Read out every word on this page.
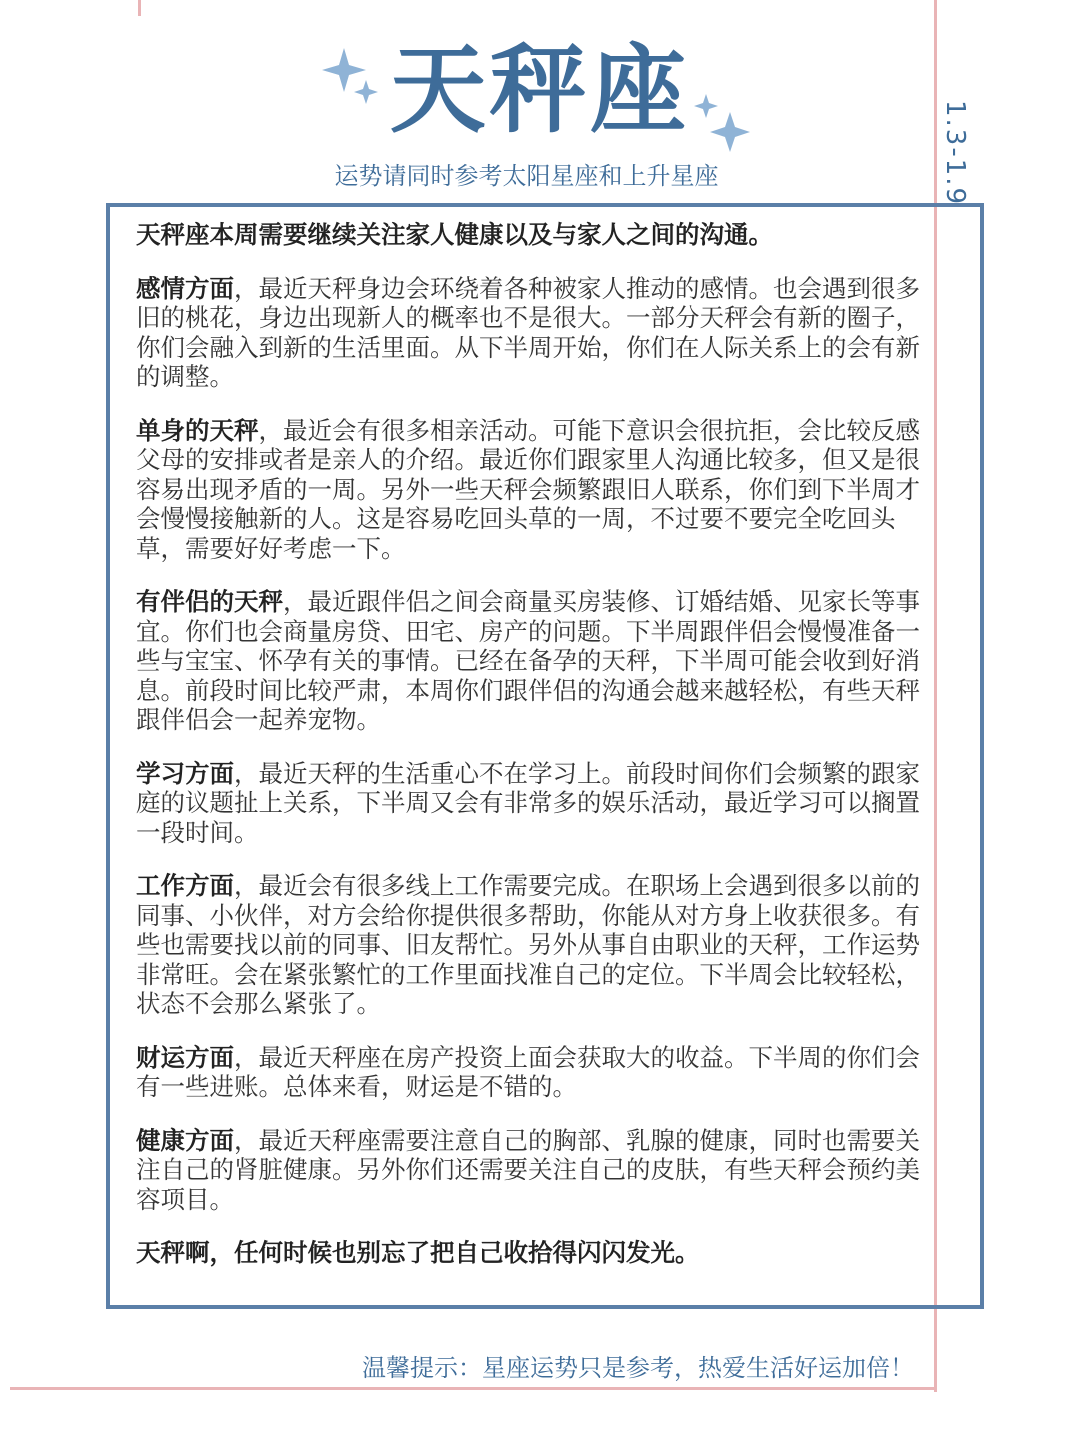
天秤座
运势请同时参考太阳星座和上升星座	1.3-1.9

天秤座本周需要继续关注家人健康以及与家人之间的沟通。

感情方面，最近天秤身边会环绕着各种被家人推动的感情。也会遇到很多旧的桃花，身边出现新人的概率也不是很大。一部分天秤会有新的圈子，你们会融入到新的生活里面。从下半周开始，你们在人际关系上的会有新的调整。

单身的天秤，最近会有很多相亲活动。可能下意识会很抗拒，会比较反感父母的安排或者是亲人的介绍。最近你们跟家里人沟通比较多，但又是很容易出现矛盾的一周。另外一些天秤会频繁跟旧人联系，你们到下半周才会慢慢接触新的人。这是容易吃回头草的一周，不过要不要完全吃回头草，需要好好考虑一下。

有伴侣的天秤，最近跟伴侣之间会商量买房装修、订婚结婚、见家长等事宜。你们也会商量房贷、田宅、房产的问题。下半周跟伴侣会慢慢准备一些与宝宝、怀孕有关的事情。已经在备孕的天秤，下半周可能会收到好消息。前段时间比较严肃，本周你们跟伴侣的沟通会越来越轻松，有些天秤跟伴侣会一起养宠物。

学习方面，最近天秤的生活重心不在学习上。前段时间你们会频繁的跟家庭的议题扯上关系，下半周又会有非常多的娱乐活动，最近学习可以搁置一段时间。

工作方面，最近会有很多线上工作需要完成。在职场上会遇到很多以前的同事、小伙伴，对方会给你提供很多帮助，你能从对方身上收获很多。有些也需要找以前的同事、旧友帮忙。另外从事自由职业的天秤，工作运势非常旺。会在紧张繁忙的工作里面找准自己的定位。下半周会比较轻松，状态不会那么紧张了。

财运方面，最近天秤座在房产投资上面会获取大的收益。下半周的你们会有一些进账。总体来看，财运是不错的。

健康方面，最近天秤座需要注意自己的胸部、乳腺的健康，同时也需要关注自己的肾脏健康。另外你们还需要关注自己的皮肤，有些天秤会预约美容项目。

天秤啊，任何时候也别忘了把自己收拾得闪闪发光。

温馨提示：星座运势只是参考，热爱生活好运加倍！
